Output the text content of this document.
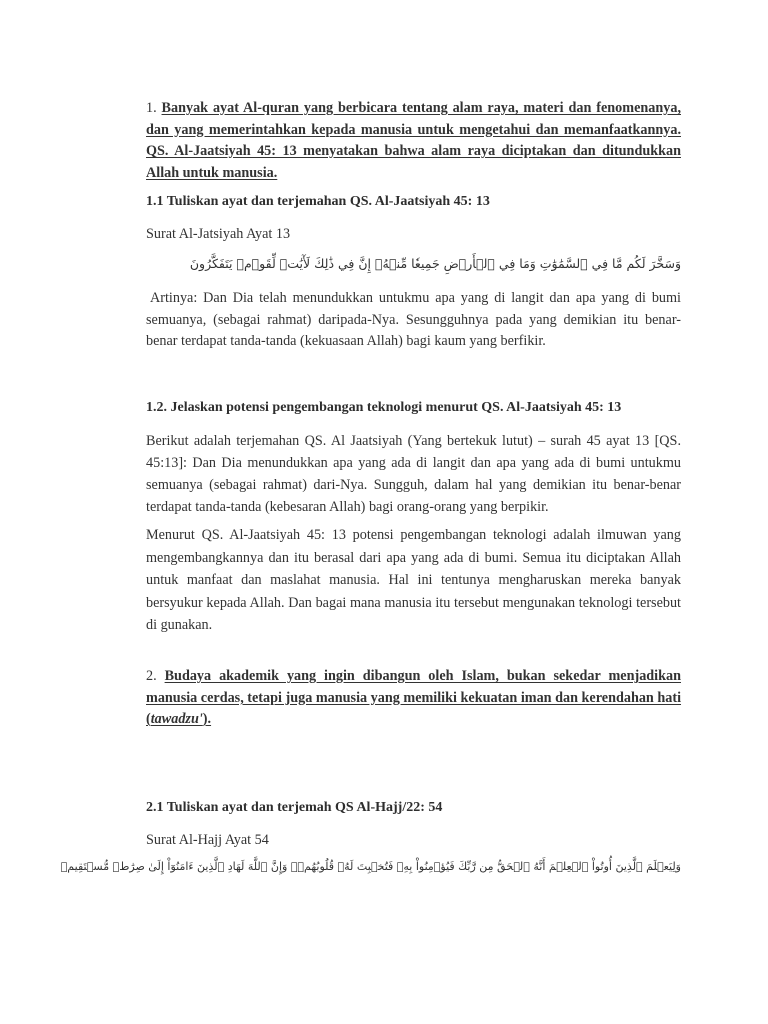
1. Banyak ayat Al-quran yang berbicara tentang alam raya, materi dan fenomenanya, dan yang memerintahkan kepada manusia untuk mengetahui dan memanfaatkannya. QS. Al-Jaatsiyah 45: 13 menyatakan bahwa alam raya diciptakan dan ditundukkan Allah untuk manusia.

1.1 Tuliskan ayat dan terjemahan QS. Al-Jaatsiyah 45: 13

Surat Al-Jatsiyah Ayat 13

وَسَخَّرَ لَكُم مَّا فِي ٱلسَّمَٰوَٰتِ وَمَا فِي ٱلۡأَرۡضِ جَمِيعٗا مِّنۡهُۚ إِنَّ فِي ذَٰلِكَ لَأٓيَٰتٖ لِّقَوۡمٖ يَتَفَكَّرُونَ

Artinya: Dan Dia telah menundukkan untukmu apa yang di langit dan apa yang di bumi semuanya, (sebagai rahmat) daripada-Nya. Sesungguhnya pada yang demikian itu benar-benar terdapat tanda-tanda (kekuasaan Allah) bagi kaum yang berfikir.

1.2. Jelaskan potensi pengembangan teknologi menurut QS. Al-Jaatsiyah 45: 13

Berikut adalah terjemahan QS. Al Jaatsiyah (Yang bertekuk lutut) – surah 45 ayat 13 [QS. 45:13]: Dan Dia menundukkan apa yang ada di langit dan apa yang ada di bumi untukmu semuanya (sebagai rahmat) dari-Nya. Sungguh, dalam hal yang demikian itu benar-benar terdapat tanda-tanda (kebesaran Allah) bagi orang-orang yang berpikir.

Menurut QS. Al-Jaatsiyah 45: 13 potensi pengembangan teknologi adalah ilmuwan yang mengembangkannya dan itu berasal dari apa yang ada di bumi. Semua itu diciptakan Allah untuk manfaat dan maslahat manusia. Hal ini tentunya mengharuskan mereka banyak bersyukur kepada Allah. Dan bagai mana manusia itu tersebut mengunakan teknologi tersebut di gunakan.

2. Budaya akademik yang ingin dibangun oleh Islam, bukan sekedar menjadikan manusia cerdas, tetapi juga manusia yang memiliki kekuatan iman dan kerendahan hati (tawadzu').

2.1 Tuliskan ayat dan terjemah QS Al-Hajj/22: 54

Surat Al-Hajj Ayat 54

وَلِيَعۡلَمَ ٱلَّذِينَ أُوتُواْ ٱلۡعِلۡمَ أَنَّهُ ٱلۡحَقُّ مِن رَّبِّكَ فَيُؤۡمِنُواْ بِهِۦ فَتُخۡبِتَ لَهُۥ قُلُوبُهُمۡۗ وَإِنَّ ٱللَّهَ لَهَادِ ٱلَّذِينَ ءَامَنُوٓاْ إِلَىٰ صِرَٰطٖ مُّسۡتَقِيمٖ
